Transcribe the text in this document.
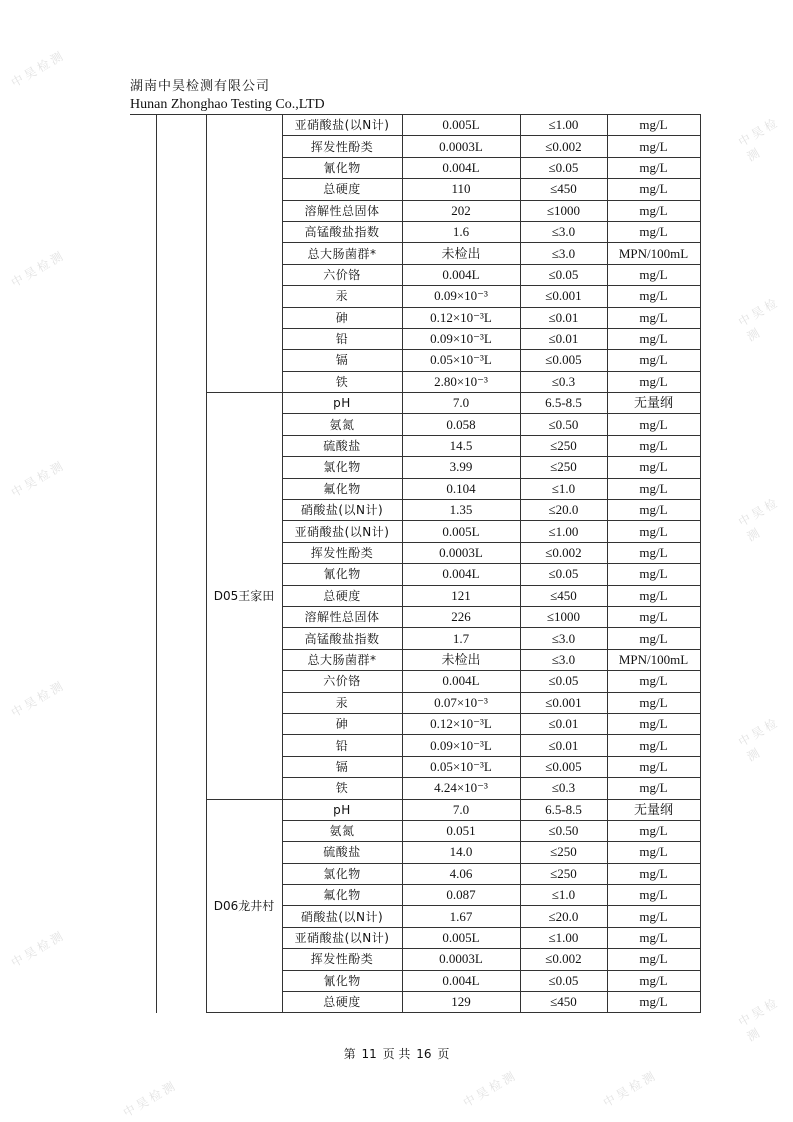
湖南中昊检测有限公司
Hunan Zhonghao Testing Co.,LTD
			亚硝酸盐(以N计)	0.005L	≤1.00	mg/L
			挥发性酚类	0.0003L	≤0.002	mg/L
			氰化物	0.004L	≤0.05	mg/L
			总硬度	110	≤450	mg/L
			溶解性总固体	202	≤1000	mg/L
			高锰酸盐指数	1.6	≤3.0	mg/L
			总大肠菌群*	未检出	≤3.0	MPN/100mL
			六价铬	0.004L	≤0.05	mg/L
			汞	0.09×10⁻³	≤0.001	mg/L
			砷	0.12×10⁻³L	≤0.01	mg/L
			铅	0.09×10⁻³L	≤0.01	mg/L
			镉	0.05×10⁻³L	≤0.005	mg/L
			铁	2.80×10⁻³	≤0.3	mg/L
		D05王家田	pH	7.0	6.5-8.5	无量纲
			氨氮	0.058	≤0.50	mg/L
			硫酸盐	14.5	≤250	mg/L
			氯化物	3.99	≤250	mg/L
			氟化物	0.104	≤1.0	mg/L
			硝酸盐(以N计)	1.35	≤20.0	mg/L
			亚硝酸盐(以N计)	0.005L	≤1.00	mg/L
			挥发性酚类	0.0003L	≤0.002	mg/L
			氰化物	0.004L	≤0.05	mg/L
			总硬度	121	≤450	mg/L
			溶解性总固体	226	≤1000	mg/L
			高锰酸盐指数	1.7	≤3.0	mg/L
			总大肠菌群*	未检出	≤3.0	MPN/100mL
			六价铬	0.004L	≤0.05	mg/L
			汞	0.07×10⁻³	≤0.001	mg/L
			砷	0.12×10⁻³L	≤0.01	mg/L
			铅	0.09×10⁻³L	≤0.01	mg/L
			镉	0.05×10⁻³L	≤0.005	mg/L
			铁	4.24×10⁻³	≤0.3	mg/L
		D06龙井村	pH	7.0	6.5-8.5	无量纲
			氨氮	0.051	≤0.50	mg/L
			硫酸盐	14.0	≤250	mg/L
			氯化物	4.06	≤250	mg/L
			氟化物	0.087	≤1.0	mg/L
			硝酸盐(以N计)	1.67	≤20.0	mg/L
			亚硝酸盐(以N计)	0.005L	≤1.00	mg/L
			挥发性酚类	0.0003L	≤0.002	mg/L
			氰化物	0.004L	≤0.05	mg/L
			总硬度	129	≤450	mg/L
第 11 页 共 16 页
中昊检测
中昊检测
中昊检测
中昊检测
中昊检测
中昊检测
中昊检测
中昊检测
中昊检测
中昊检测
中昊检测	中昊检测
中昊检测
